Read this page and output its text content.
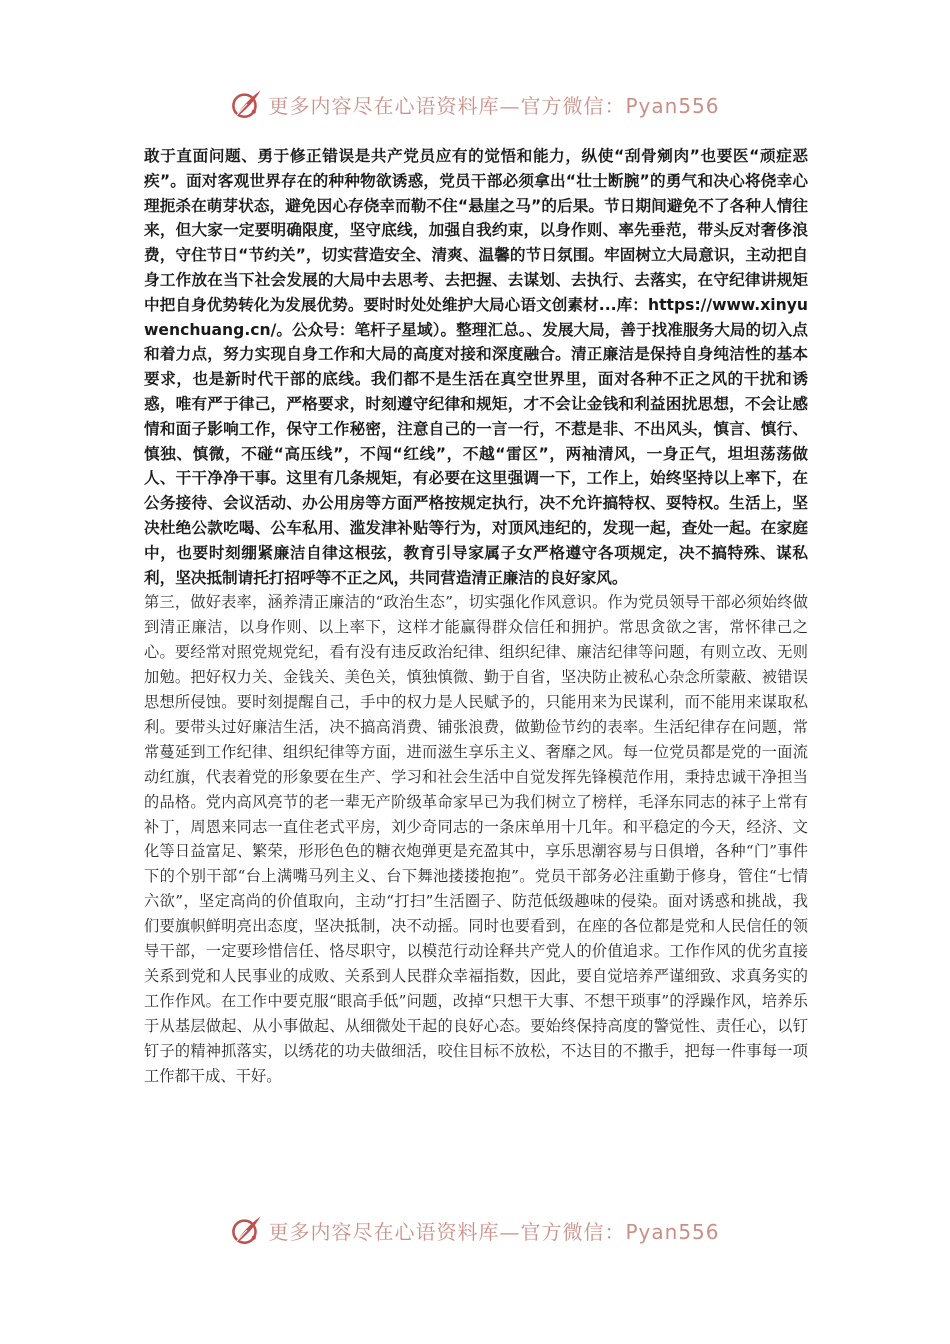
更多内容尽在心语资料库—官方微信：Pyan556

敢于直面问题、勇于修正错误是共产党员应有的觉悟和能力，纵使“刮骨剜肉”也要医“顽症恶疾”。面对客观世界存在的种种物欲诱惑，党员干部必须拿出“壮士断腕”的勇气和决心将侥幸心理扼杀在萌芽状态，避免因心存侥幸而勒不住“悬崖之马”的后果。节日期间避免不了各种人情往来，但大家一定要明确限度，坚守底线，加强自我约束，以身作则、率先垂范，带头反对奢侈浪费，守住节日“节约关”，切实营造安全、清爽、温馨的节日氛围。牢固树立大局意识，主动把自身工作放在当下社会发展的大局中去思考、去把握、去谋划、去执行、去落实，在守纪律讲规矩中把自身优势转化为发展优势。要时时处处维护大局心语文创素材...库：https://www.xinyuwenchuang.cn/。公众号：笔杆子星域）。整理汇总。、发展大局，善于找准服务大局的切入点和着力点，努力实现自身工作和大局的高度对接和深度融合。清正廉洁是保持自身纯洁性的基本要求，也是新时代干部的底线。我们都不是生活在真空世界里，面对各种不正之风的干扰和诱惑，唯有严于律己，严格要求，时刻遵守纪律和规矩，才不会让金钱和利益困扰思想，不会让感情和面子影响工作，保守工作秘密，注意自己的一言一行，不惹是非、不出风头，慎言、慎行、慎独、慎微，不碰“高压线”，不闯“红线”，不越“雷区”，两袖清风，一身正气，坦坦荡荡做人、干干净净干事。这里有几条规矩，有必要在这里强调一下，工作上，始终坚持以上率下，在公务接待、会议活动、办公用房等方面严格按规定执行，决不允许搞特权、耍特权。生活上，坚决杜绝公款吃喝、公车私用、滥发津补贴等行为，对顶风违纪的，发现一起，查处一起。在家庭中，也要时刻绷紧廉洁自律这根弦，教育引导家属子女严格遵守各项规定，决不搞特殊、谋私利，坚决抵制请托打招呼等不正之风，共同营造清正廉洁的良好家风。

第三，做好表率，涵养清正廉洁的“政治生态”，切实强化作风意识。作为党员领导干部必须始终做到清正廉洁，以身作则、以上率下，这样才能赢得群众信任和拥护。常思贪欲之害，常怀律己之心。要经常对照党规党纪，看有没有违反政治纪律、组织纪律、廉洁纪律等问题，有则立改、无则加勉。把好权力关、金钱关、美色关，慎独慎微、勤于自省，坚决防止被私心杂念所蒙蔽、被错误思想所侵蚀。要时刻提醒自己，手中的权力是人民赋予的，只能用来为民谋利，而不能用来谋取私利。要带头过好廉洁生活，决不搞高消费、铺张浪费，做勤俭节约的表率。生活纪律存在问题，常常蔓延到工作纪律、组织纪律等方面，进而滋生享乐主义、奢靡之风。每一位党员都是党的一面流动红旗，代表着党的形象要在生产、学习和社会生活中自觉发挥先锋模范作用，秉持忠诚干净担当的品格。党内高风亮节的老一辈无产阶级革命家早已为我们树立了榜样，毛泽东同志的袜子上常有补丁，周恩来同志一直住老式平房，刘少奇同志的一条床单用十几年。和平稳定的今天，经济、文化等日益富足、繁荣，形形色色的糖衣炮弹更是充盈其中，享乐思潮容易与日俱增，各种“门”事件下的个别干部“台上满嘴马列主义、台下舞池搂搂抱抱”。党员干部务必注重勤于修身，管住“七情六欲”，坚定高尚的价值取向，主动“打扫”生活圈子、防范低级趣味的侵染。面对诱惑和挑战，我们要旗帜鲜明亮出态度，坚决抵制，决不动摇。同时也要看到，在座的各位都是党和人民信任的领导干部，一定要珍惜信任、恪尽职守，以模范行动诠释共产党人的价值追求。工作作风的优劣直接关系到党和人民事业的成败、关系到人民群众幸福指数，因此，要自觉培养严谨细致、求真务实的工作作风。在工作中要克服“眼高手低”问题，改掉“只想干大事、不想干琐事”的浮躁作风，培养乐于从基层做起、从小事做起、从细微处干起的良好心态。要始终保持高度的警觉性、责任心，以钉钉子的精神抓落实，以绣花的功夫做细活，咬住目标不放松，不达目的不撒手，把每一件事每一项工作都干成、干好。

更多内容尽在心语资料库—官方微信：Pyan556
